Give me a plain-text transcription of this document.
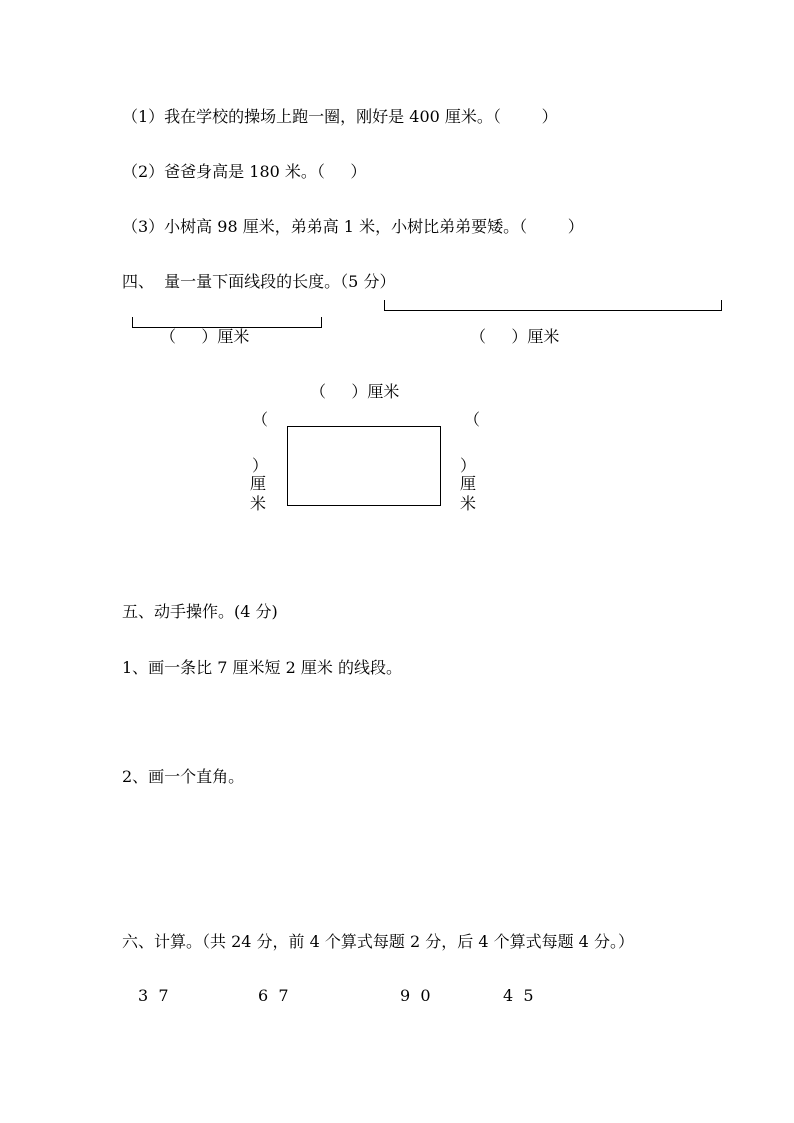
（1）我在学校的操场上跑一圈，刚好是 400 厘米。（        ）
（2）爸爸身高是 180 米。（     ）
（3）小树高 98 厘米，弟弟高 1 米，小树比弟弟要矮。（        ）
四、  量一量下面线段的长度。（5 分）
（     ）厘米	（     ）厘米
（     ）厘米
（
）
厘
米
（
）
厘
米
五、动手操作。(4 分)
1、画一条比 7 厘米短 2 厘米 的线段。
2、画一个直角。
六、计算。（共 24 分，前 4 个算式每题 2 分，后 4 个算式每题 4 分。）
3  7	6  7	9  0	4  5
